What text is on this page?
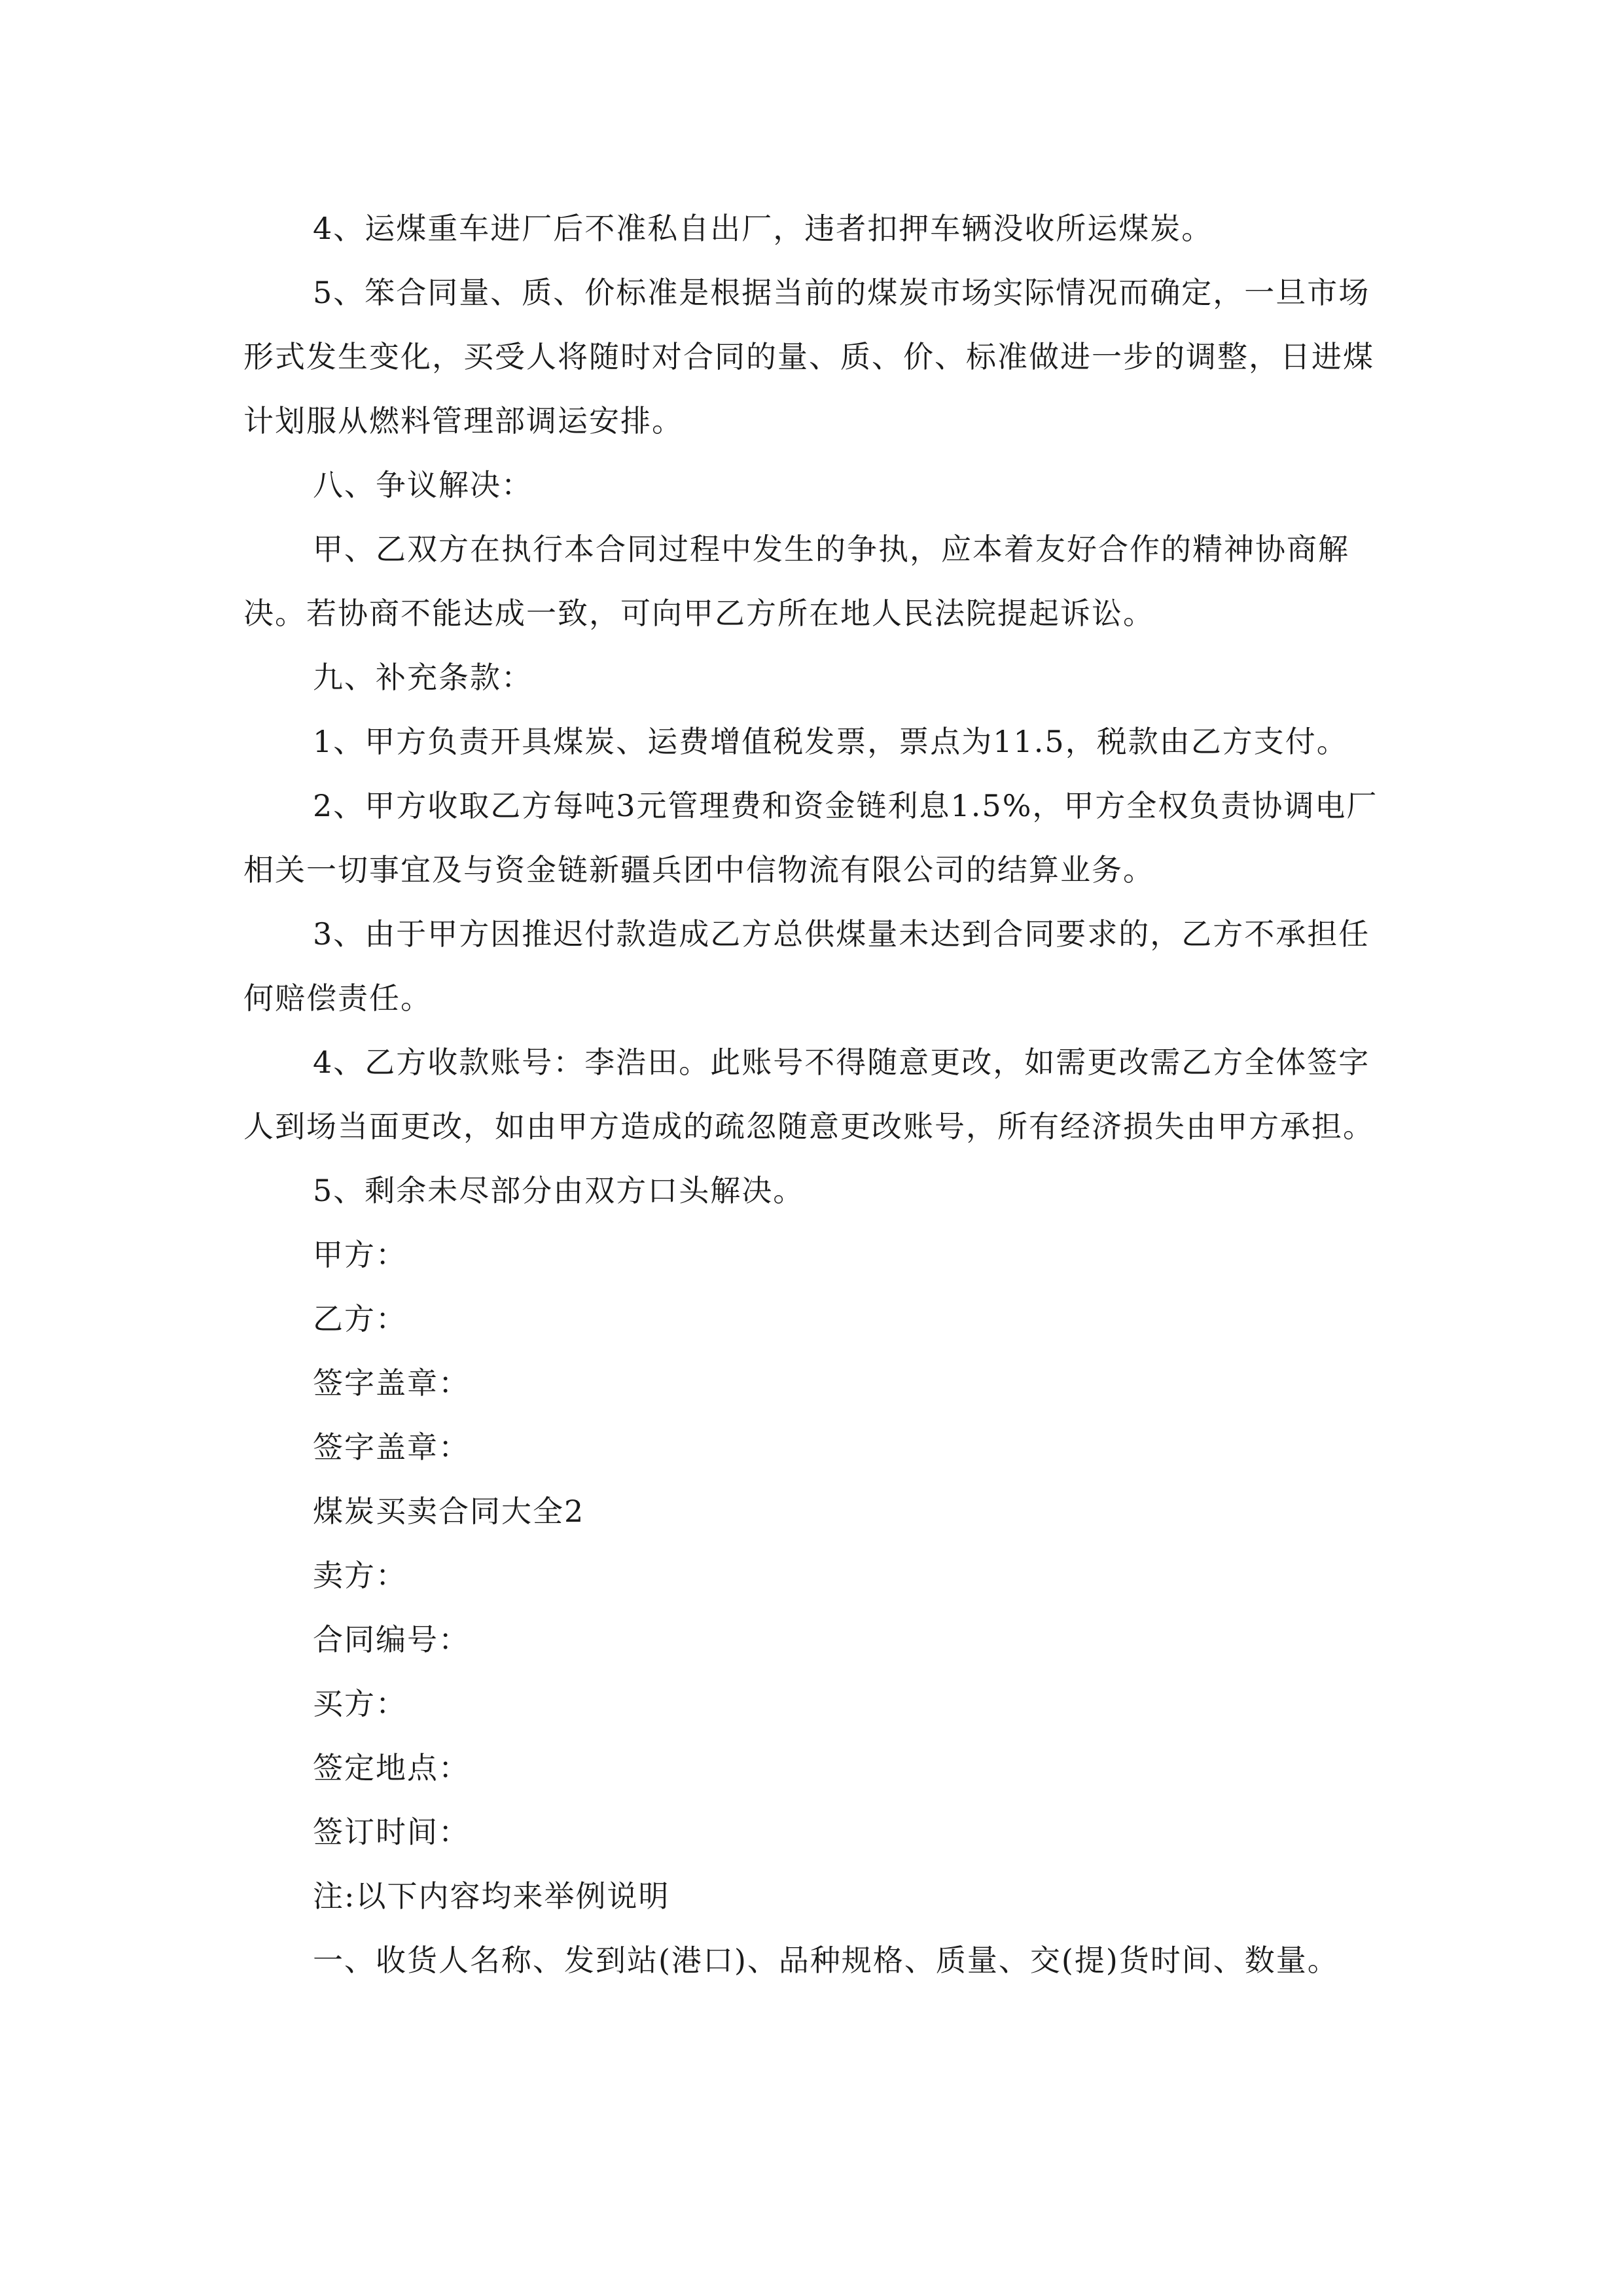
4、运煤重车进厂后不准私自出厂，违者扣押车辆没收所运煤炭。

5、笨合同量、质、价标准是根据当前的煤炭市场实际情况而确定，一旦市场形式发生变化，买受人将随时对合同的量、质、价、标准做进一步的调整，日进煤计划服从燃料管理部调运安排。

八、争议解决：

甲、乙双方在执行本合同过程中发生的争执，应本着友好合作的精神协商解决。若协商不能达成一致，可向甲乙方所在地人民法院提起诉讼。

九、补充条款：

1、甲方负责开具煤炭、运费增值税发票，票点为11.5，税款由乙方支付。

2、甲方收取乙方每吨3元管理费和资金链利息1.5%，甲方全权负责协调电厂相关一切事宜及与资金链新疆兵团中信物流有限公司的结算业务。

3、由于甲方因推迟付款造成乙方总供煤量未达到合同要求的，乙方不承担任何赔偿责任。

4、乙方收款账号：李浩田。此账号不得随意更改，如需更改需乙方全体签字人到场当面更改，如由甲方造成的疏忽随意更改账号，所有经济损失由甲方承担。

5、剩余未尽部分由双方口头解决。

甲方：

乙方：

签字盖章：

签字盖章：

煤炭买卖合同大全2

卖方：

合同编号：

买方：

签定地点：

签订时间：

注:以下内容均来举例说明

一、收货人名称、发到站(港口)、品种规格、质量、交(提)货时间、数量。
